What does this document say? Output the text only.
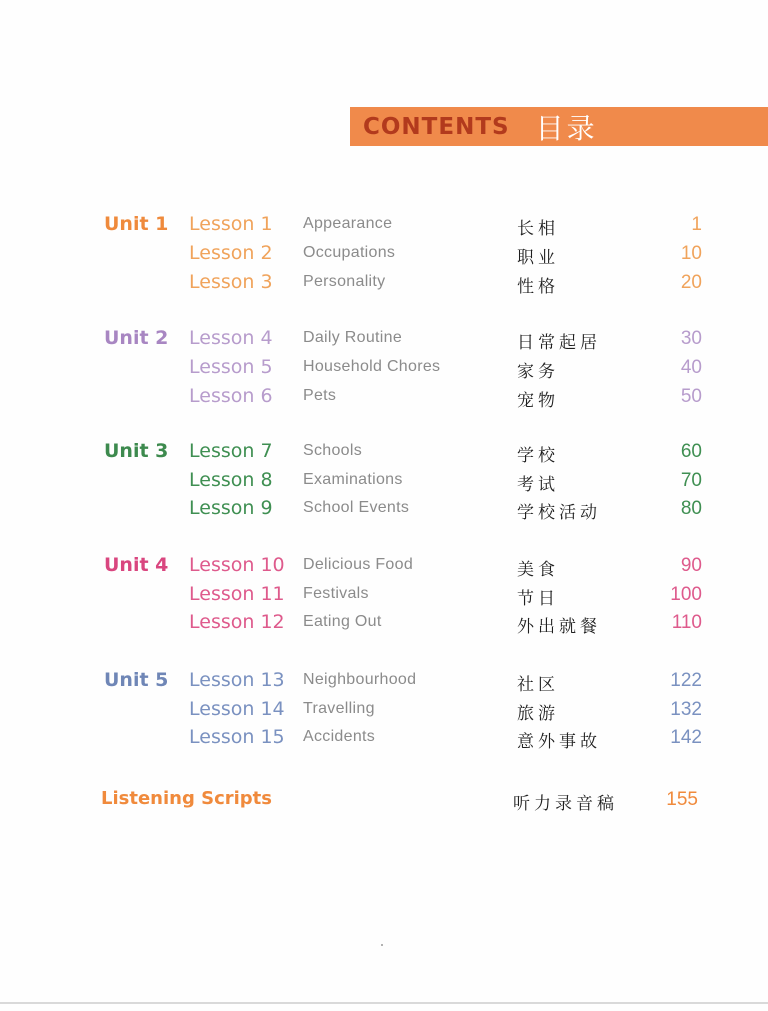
CONTENTS 目录
Unit 1 Lesson 1 Appearance	长相	1
Lesson 2 Occupations	职业	10
Lesson 3 Personality	性格	20
Unit 2 Lesson 4 Daily Routine	日常起居	30
Lesson 5 Household Chores	家务	40
Lesson 6 Pets	宠物	50
Unit 3 Lesson 7 Schools	学校	60
Lesson 8 Examinations	考试	70
Lesson 9 School Events	学校活动	80
Unit 4 Lesson 10 Delicious Food	美食	90
Lesson 11 Festivals	节日	100
Lesson 12 Eating Out	外出就餐	110
Unit 5 Lesson 13 Neighbourhood	社区	122
Lesson 14 Travelling	旅游	132
Lesson 15 Accidents	意外事故	142
Listening Scripts	听力录音稿	155
